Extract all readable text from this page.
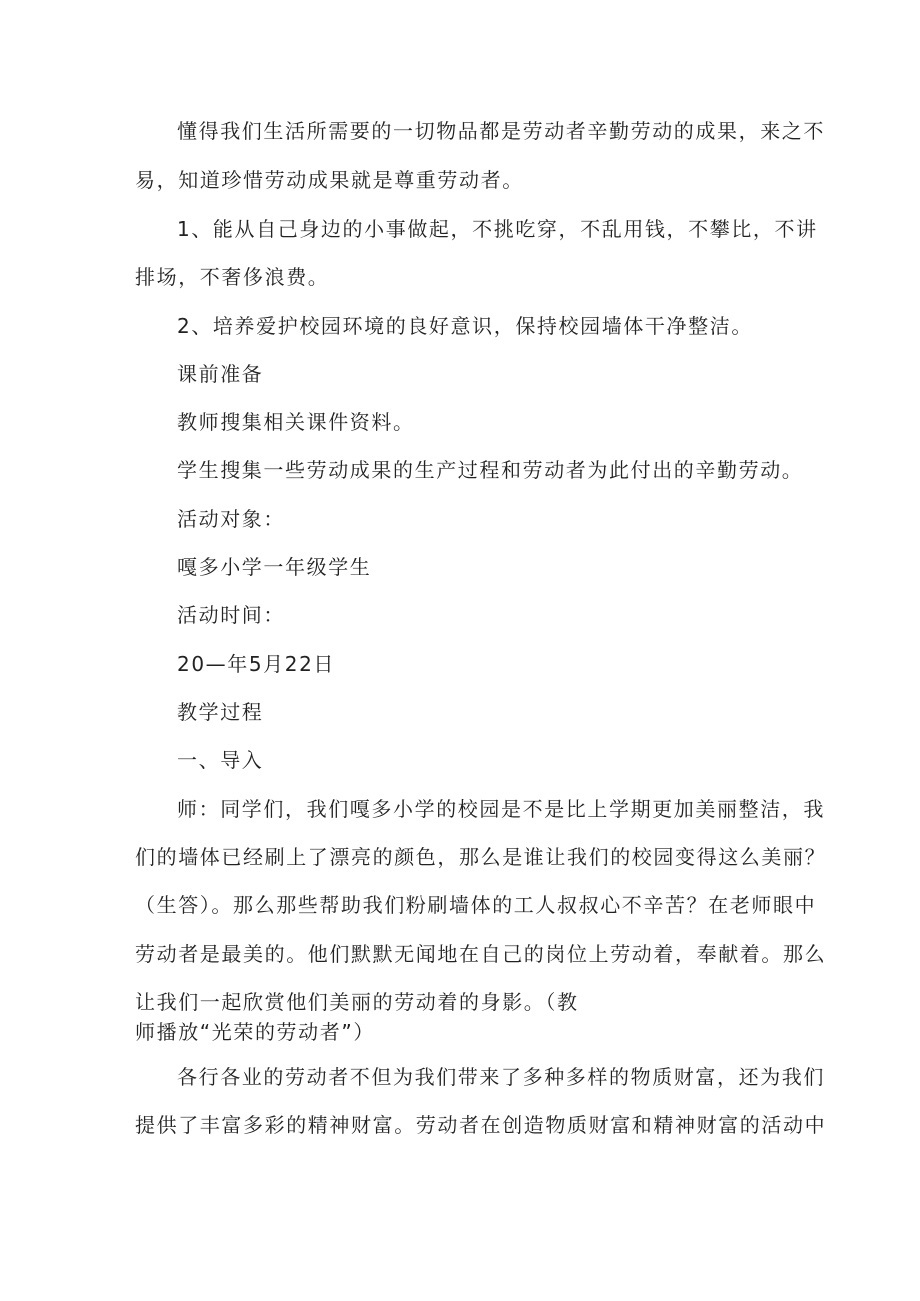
懂得我们生活所需要的一切物品都是劳动者辛勤劳动的成果，来之不

易，知道珍惜劳动成果就是尊重劳动者。

1、能从自己身边的小事做起，不挑吃穿，不乱用钱，不攀比，不讲

排场，不奢侈浪费。

2、培养爱护校园环境的良好意识，保持校园墙体干净整洁。

课前准备

教师搜集相关课件资料。

学生搜集一些劳动成果的生产过程和劳动者为此付出的辛勤劳动。

活动对象：

嘎多小学一年级学生

活动时间：

20—年5月22日

教学过程

一、导入

师：同学们，我们嘎多小学的校园是不是比上学期更加美丽整洁，我

们的墙体已经刷上了漂亮的颜色，那么是谁让我们的校园变得这么美丽？

（生答）。那么那些帮助我们粉刷墙体的工人叔叔心不辛苦？在老师眼中

劳动者是最美的。他们默默无闻地在自己的岗位上劳动着，奉献着。那么

让我们一起欣赏他们美丽的劳动着的身影。（教

师播放“光荣的劳动者”）

各行各业的劳动者不但为我们带来了多种多样的物质财富，还为我们

提供了丰富多彩的精神财富。劳动者在创造物质财富和精神财富的活动中
